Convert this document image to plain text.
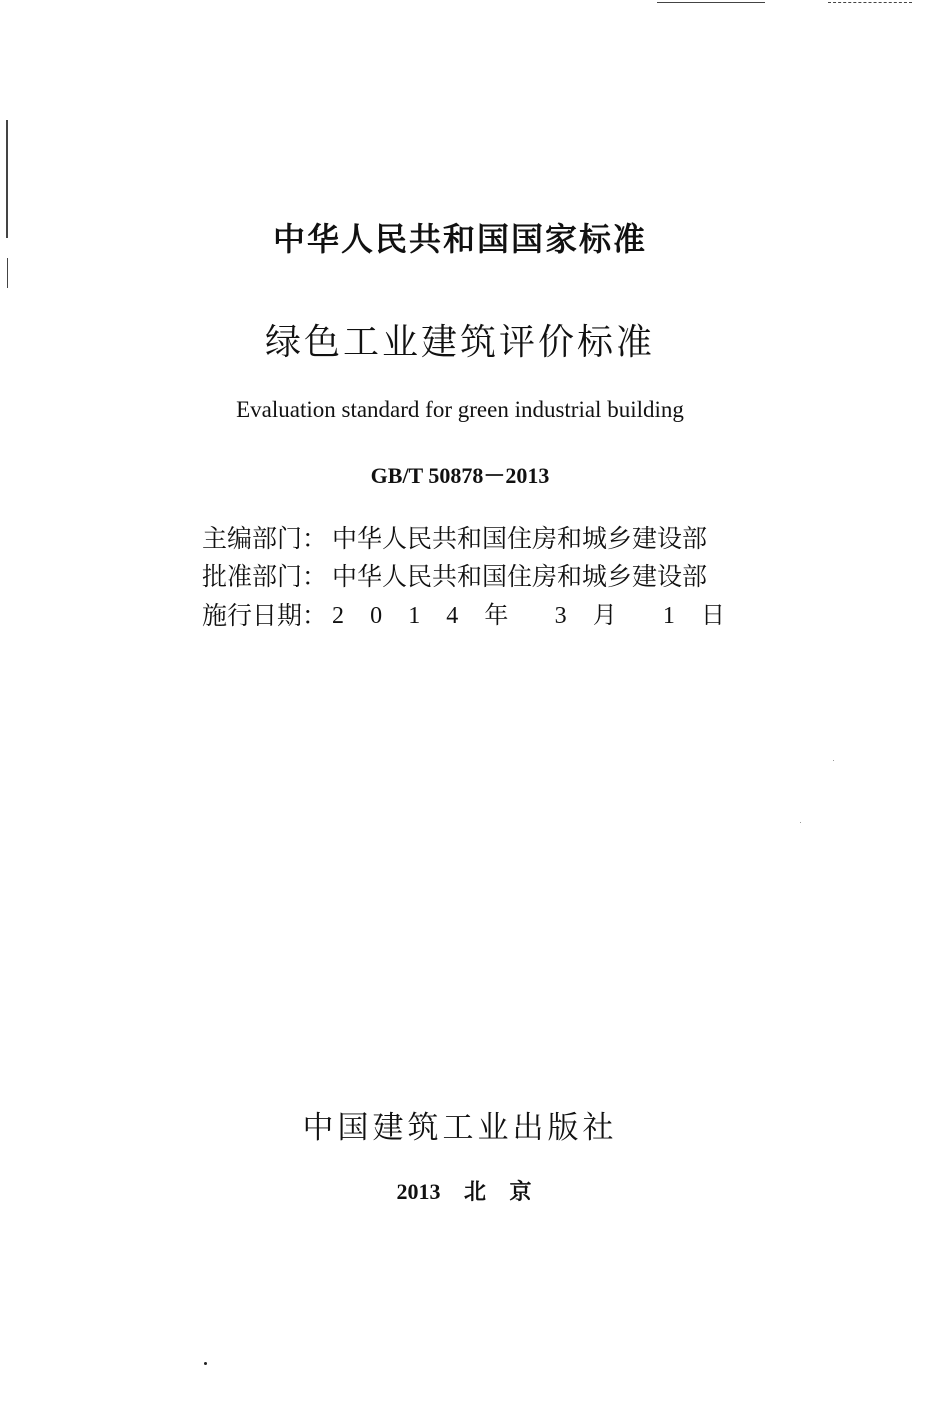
中华人民共和国国家标准
绿色工业建筑评价标准
Evaluation standard for green industrial building
GB/T 50878－2013
主编部门： 中华人民共和国住房和城乡建设部
批准部门： 中华人民共和国住房和城乡建设部
施行日期： 2 0 1 4 年 3 月 1 日
中国建筑工业出版社
2013 北 京
